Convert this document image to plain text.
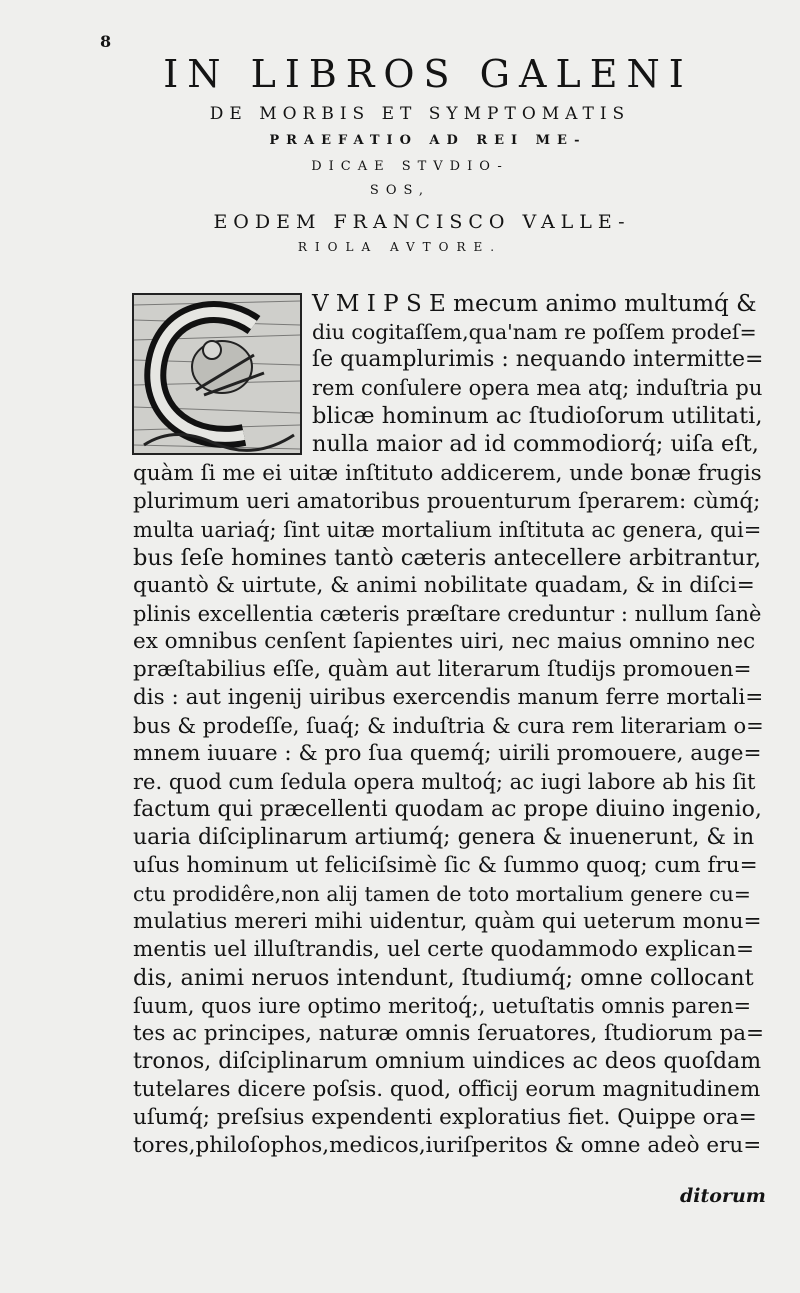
8
IN LIBROS GALENI
DE MORBIS ET SYMPTOMATIS
PRAEFATIO AD REI ME-
DICAE STVDIO-
SOS,
EODEM FRANCISCO VALLE-
RIOLA AVTORE.
V M I P S E mecum animo multumq́ &
diu cogitaſſem,qua'nam re poſſem prodeſ=
ſe quamplurimis : nequando intermitte=
rem conſulere opera mea atq; induſtria pu
blicæ hominum ac ſtudioſorum utilitati,
nulla maior ad id commodiorq́; uiſa eſt,
quàm ſi me ei uitæ inſtituto addicerem, unde bonæ frugis
plurimum ueri amatoribus prouenturum ſperarem: cùmq́;
multa uariaq́; ſint uitæ mortalium inſtituta ac genera, qui=
bus ſeſe homines tantò cæteris antecellere arbitrantur,
quantò & uirtute, & animi nobilitate quadam, & in diſci=
plinis excellentia cæteris præſtare creduntur : nullum ſanè
ex omnibus cenſent ſapientes uiri, nec maius omnino nec
præſtabilius eſſe, quàm aut literarum ſtudijs promouen=
dis : aut ingenij uiribus exercendis manum ferre mortali=
bus & prodeſſe, ſuaq́; & induſtria & cura rem literariam o=
mnem iuuare : & pro ſua quemq́; uirili promouere, auge=
re. quod cum ſedula opera multoq́; ac iugi labore ab his ſit
factum qui præcellenti quodam ac prope diuino ingenio,
uaria diſciplinarum artiumq́; genera & inuenerunt, & in
uſus hominum ut feliciſsimè ſic & ſummo quoq; cum fru=
ctu prodidêre,non alij tamen de toto mortalium genere cu=
mulatius mereri mihi uidentur, quàm qui ueterum monu=
mentis uel illuſtrandis, uel certe quodammodo explican=
dis, animi neruos intendunt, ſtudiumq́; omne collocant
ſuum, quos iure optimo meritoq́;, uetuſtatis omnis paren=
tes ac principes, naturæ omnis ſeruatores, ſtudiorum pa=
tronos, diſciplinarum omnium uindices ac deos quoſdam
tutelares dicere poſsis. quod, officij eorum magnitudinem
uſumq́; preſsius expendenti exploratius fiet. Quippe ora=
tores,philoſophos,medicos,iuriſperitos & omne adeò eru=
ditorum
